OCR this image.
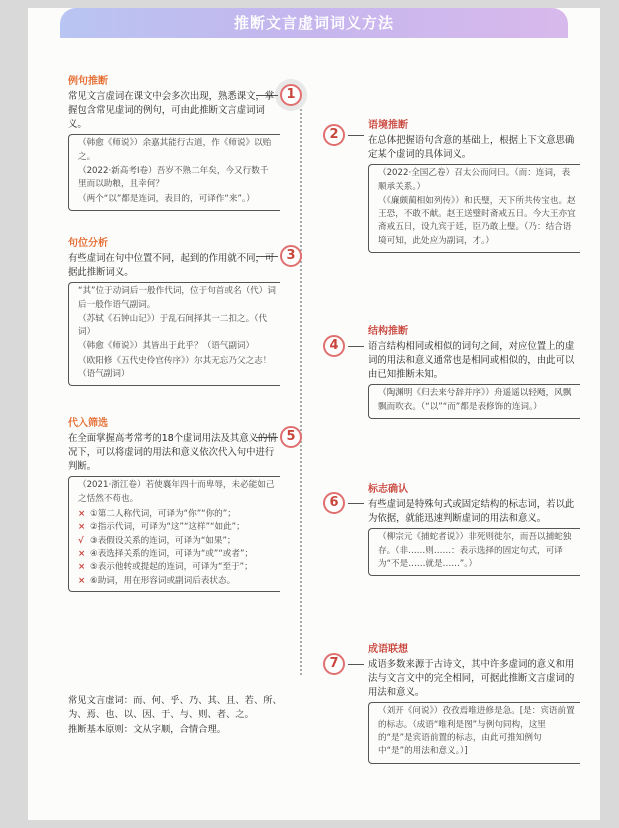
推断文言虚词词义方法
1
2
3
4
5
6
7
例句推断
常见文言虚词在课文中会多次出现，熟悉课文，掌握包含常见虚词的例句，可由此推断文言虚词词义。
（韩愈《师说》）余嘉其能行古道，作《师说》以贻之。
（2022·新高考Ⅰ卷）吾岁不熟二年矣，今又行数千里而以助粮，且幸何？
（两个“以”都是连词，表目的，可译作“来”。）
语境推断
在总体把握语句含意的基础上，根据上下文意思确定某个虚词的具体词义。
（2022·全国乙卷）召太公而问曰。（而：连词，表顺承关系。）
（《廉颇蔺相如列传》）和氏璧，天下所共传宝也。赵王恐，不敢不献。赵王送璧时斋戒五日。今大王亦宜斋戒五日，设九宾于廷，臣乃敢上璧。（乃：结合语境可知，此处应为副词，才。）
句位分析
有些虚词在句中位置不同，起到的作用就不同，可据此推断词义。
“其”位于动词后一般作代词，位于句首或名（代）词后一般作语气副词。
（苏轼《石钟山记》）于乱石间择其一二扣之。（代词）
（韩愈《师说》）其皆出于此乎？（语气副词）
（欧阳修《五代史伶官传序》）尔其无忘乃父之志！（语气副词）
结构推断
语言结构相同或相似的词句之间，对应位置上的虚词的用法和意义通常也是相同或相似的，由此可以由已知推断未知。
（陶渊明《归去来兮辞并序》）舟遥遥以轻飏，风飘飘而吹衣。（“以”“而”都是表修饰的连词。）
代入筛选
在全面掌握高考常考的18个虚词用法及其意义的情况下，可以将虚词的用法和意义依次代入句中进行判断。
（2021·浙江卷）若使襄年四十而卑辱，未必能如己之恬然不苟也。
× ①第二人称代词，可译为“你”“你的”；
× ②指示代词，可译为“这”“这样”“如此”；
√ ③表假设关系的连词，可译为“如果”；
× ④表选择关系的连词，可译为“或”“或者”；
× ⑤表示他转或提起的连词，可译为“至于”；
× ⑥助词，用在形容词或副词后表状态。
标志确认
有些虚词是特殊句式或固定结构的标志词，若以此为依据，就能迅速判断虚词的用法和意义。
（柳宗元《捕蛇者说》）非死则徙尔，而吾以捕蛇独存。（非……则……：表示选择的固定句式，可译为“不是……就是……”。）
成语联想
成语多数来源于古诗文，其中许多虚词的意义和用法与文言文中的完全相同，可据此推断文言虚词的用法和意义。
（刘开《问说》）孜孜焉唯进修是急。[是：宾语前置的标志。（成语“唯利是图”与例句同构，这里的“是”是宾语前置的标志，由此可推知例句中“是”的用法和意义。）]
常见文言虚词：而、何、乎、乃、其、且、若、所、为、焉、也、以、因、于、与、则、者、之。
推断基本原则：文从字顺，合情合理。
